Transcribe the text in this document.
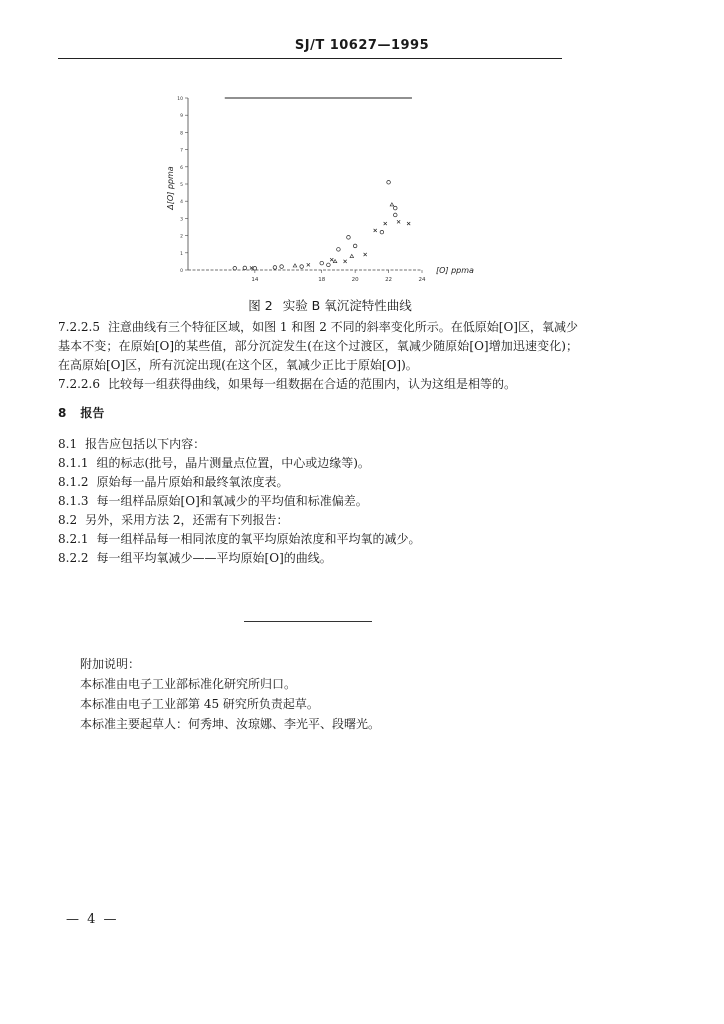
SJ/T 10627—1995
10
9
8
7
6
5
4
3
2
1
0
14	18	20	22	24
Δ[O] ppma
[O] ppma
图 2 实验 B 氧沉淀特性曲线

7.2.2.5 注意曲线有三个特征区域，如图 1 和图 2 不同的斜率变化所示。在低原始[O]区，氧减少基本不变；在原始[O]的某些值，部分沉淀发生(在这个过渡区，氧减少随原始[O]增加迅速变化)；在高原始[O]区，所有沉淀出现(在这个区，氧减少正比于原始[O])。

7.2.2.6 比较每一组获得曲线，如果每一组数据在合适的范围内，认为这组是相等的。

8 报告

8.1 报告应包括以下内容：

8.1.1 组的标志(批号，晶片测量点位置，中心或边缘等)。

8.1.2 原始每一晶片原始和最终氧浓度表。

8.1.3 每一组样品原始[O]和氧减少的平均值和标准偏差。

8.2 另外，采用方法 2，还需有下列报告：

8.2.1 每一组样品每一相同浓度的氧平均原始浓度和平均氧的减少。

8.2.2 每一组平均氧减少——平均原始[O]的曲线。

附加说明：

本标准由电子工业部标准化研究所归口。

本标准由电子工业部第 45 研究所负责起草。

本标准主要起草人：何秀坤、汝琼娜、李光平、段曙光。

— 4 —
